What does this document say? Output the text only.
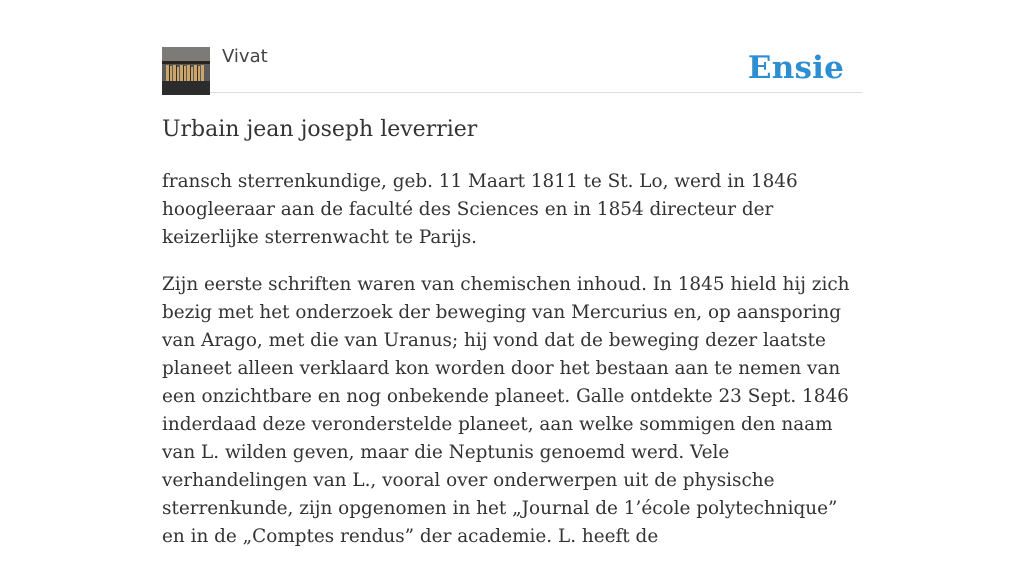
Vivat	Ensie
Urbain jean joseph leverrier

fransch sterrenkundige, geb. 11 Maart 1811 te St. Lo, werd in 1846 hoogleeraar aan de faculté des Sciences en in 1854 directeur der keizerlijke sterrenwacht te Parijs.

Zijn eerste schriften waren van chemischen inhoud. In 1845 hield hij zich bezig met het onderzoek der beweging van Mercurius en, op aansporing van Arago, met die van Uranus; hij vond dat de beweging dezer laatste planeet alleen verklaard kon worden door het bestaan aan te nemen van een onzichtbare en nog onbekende planeet. Galle ontdekte 23 Sept. 1846 inderdaad deze veronderstelde planeet, aan welke sommigen den naam van L. wilden geven, maar die Neptunis genoemd werd. Vele verhandelingen van L., vooral over onderwerpen uit de physische sterrenkunde, zijn opgenomen in het „Journal de 1’école polytechnique” en in de „Comptes rendus” der academie. L. heeft de
